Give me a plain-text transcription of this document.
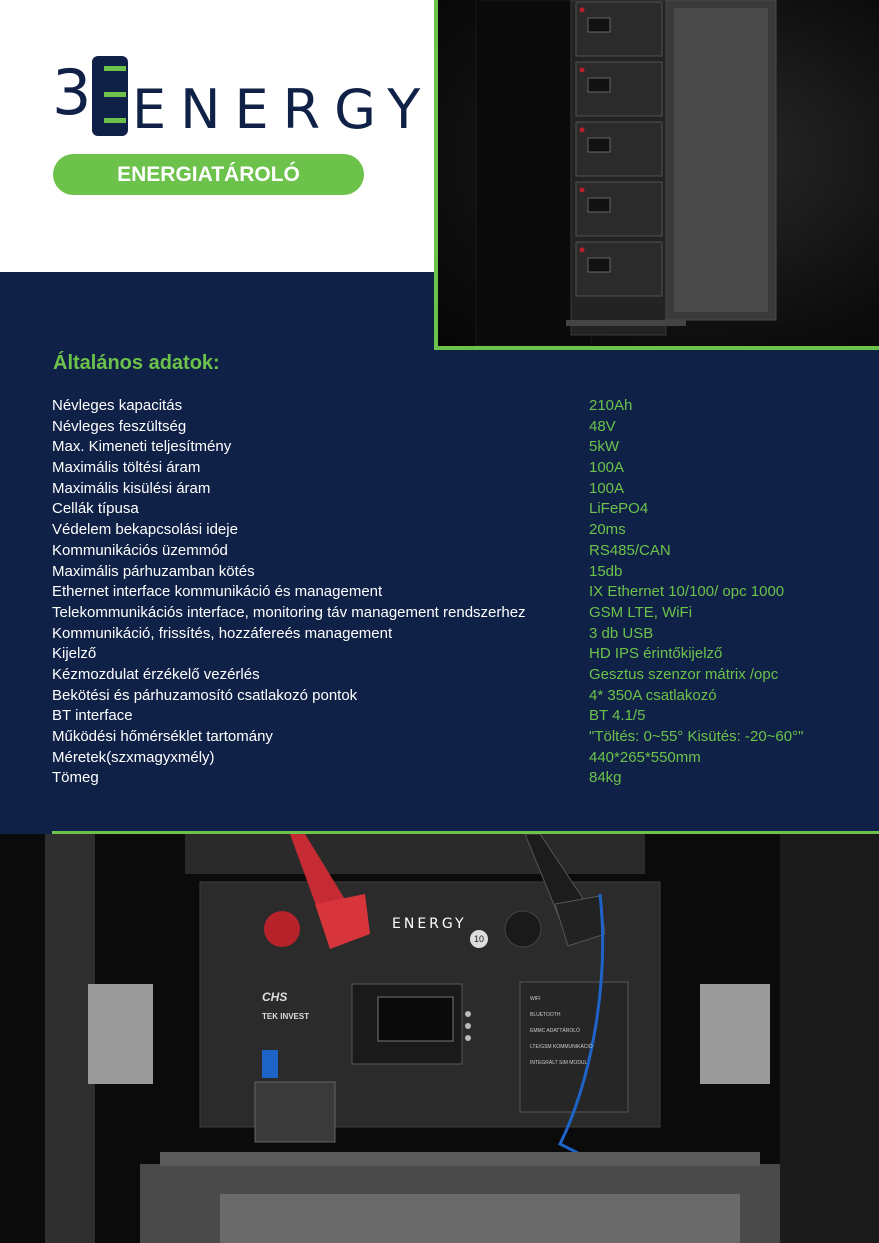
3 ENERGY
ENERGIATÁROLÓ
Általános adatok:
Névleges kapacitás	210Ah
Névleges feszültség	48V
Max. Kimeneti teljesítmény	5kW
Maximális töltési áram	100A
Maximális kisülési áram	100A
Cellák típusa	LiFePO4
Védelem bekapcsolási ideje	20ms
Kommunikációs üzemmód	RS485/CAN
Maximális párhuzamban kötés	15db
Ethernet interface kommunikáció és management	IX Ethernet 10/100/ opc 1000
Telekommunikációs interface, monitoring táv management rendszerhez	GSM LTE, WiFi
Kommunikáció, frissítés, hozzáfereés management	3 db USB
Kijelző	HD IPS érintőkijelző
Kézmozdulat érzékelő vezérlés	Gesztus szenzor mátrix /opc
Bekötési és párhuzamosító csatlakozó pontok	4* 350A csatlakozó
BT interface	BT 4.1/5
Működési hőmérséklet tartomány	"Töltés: 0~55° Kisütés: -20~60°"
Méretek(szxmagyxmély)	440*265*550mm
Tömeg	84kg
ENERGY
10
CHS
TEK INVEST
WIFI
BLUETOOTH
EMMC ADATTÁROLÓ
LTE/GSM KOMMUNIKÁCIÓ
INTEGRÁLT SIM MODUL
